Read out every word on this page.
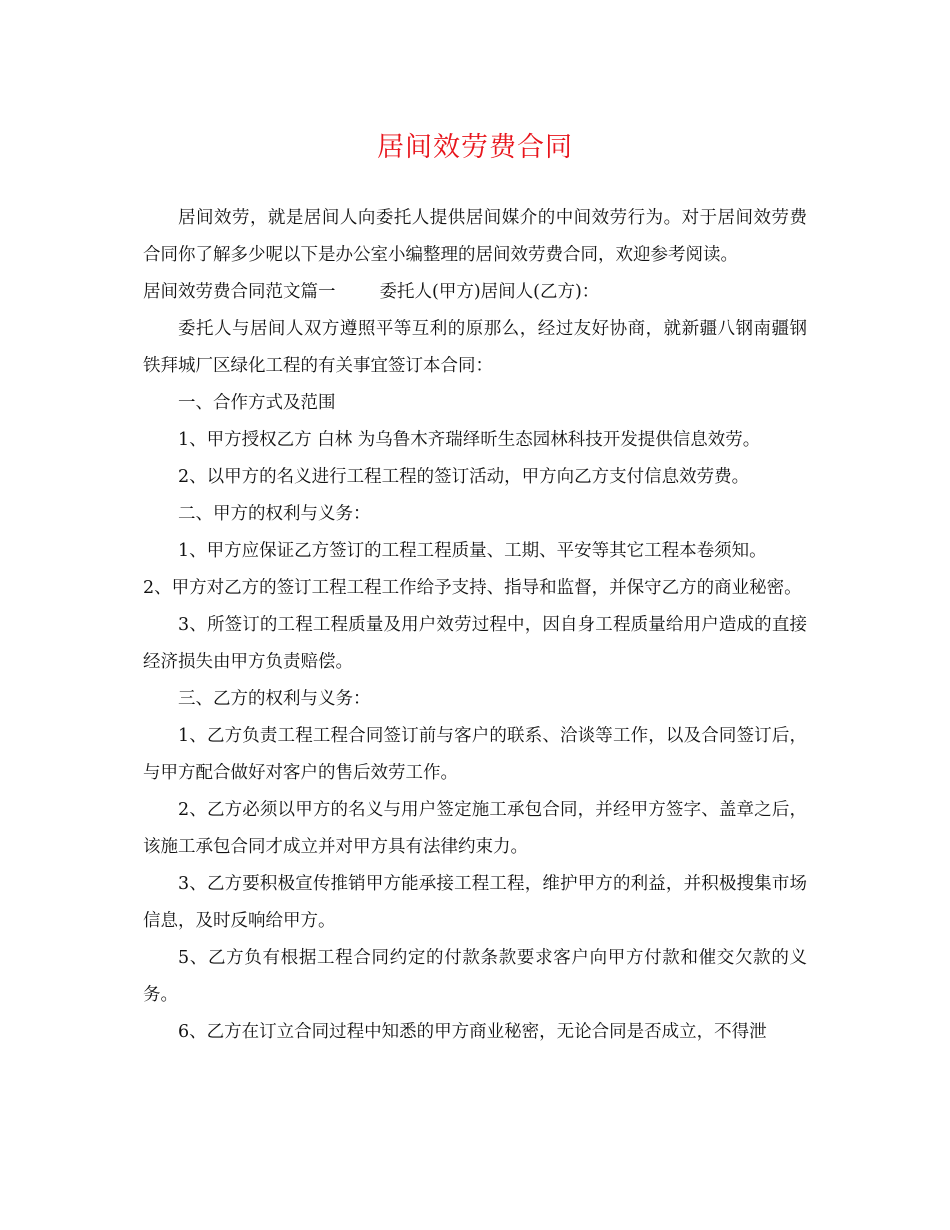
居间效劳费合同

居间效劳，就是居间人向委托人提供居间媒介的中间效劳行为。对于居间效劳费合同你了解多少呢以下是办公室小编整理的居间效劳费合同，欢迎参考阅读。

居间效劳费合同范文篇一	委托人(甲方)居间人(乙方)：

委托人与居间人双方遵照平等互利的原那么，经过友好协商，就新疆八钢南疆钢铁拜城厂区绿化工程的有关事宜签订本合同：

一、合作方式及范围

1、甲方授权乙方 白林 为乌鲁木齐瑞绎昕生态园林科技开发提供信息效劳。

2、以甲方的名义进行工程工程的签订活动，甲方向乙方支付信息效劳费。

二、甲方的权利与义务：

1、甲方应保证乙方签订的工程工程质量、工期、平安等其它工程本卷须知。

2、甲方对乙方的签订工程工程工作给予支持、指导和监督，并保守乙方的商业秘密。

3、所签订的工程工程质量及用户效劳过程中，因自身工程质量给用户造成的直接经济损失由甲方负责赔偿。

三、乙方的权利与义务：

1、乙方负责工程工程合同签订前与客户的联系、洽谈等工作，以及合同签订后，与甲方配合做好对客户的售后效劳工作。

2、乙方必须以甲方的名义与用户签定施工承包合同，并经甲方签字、盖章之后，该施工承包合同才成立并对甲方具有法律约束力。

3、乙方要积极宣传推销甲方能承接工程工程，维护甲方的利益，并积极搜集市场信息，及时反响给甲方。

5、乙方负有根据工程合同约定的付款条款要求客户向甲方付款和催交欠款的义务。

6、乙方在订立合同过程中知悉的甲方商业秘密，无论合同是否成立，不得泄
